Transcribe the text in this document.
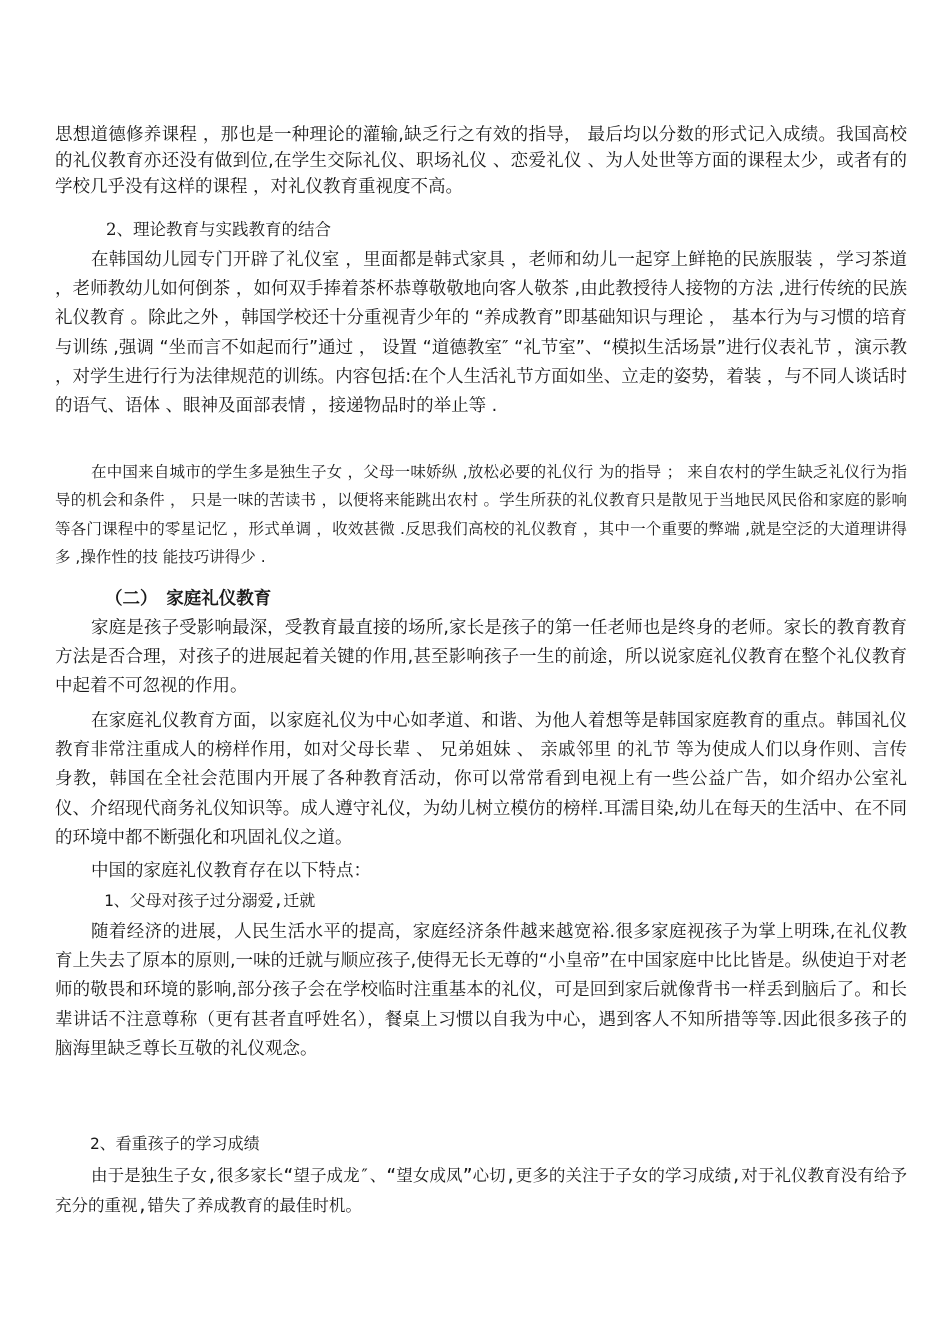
思想道德修养课程 ，那也是一种理论的灌输,缺乏行之有效的指导， 最后均以分数的形式记入成绩。我国高校的礼仪教育亦还没有做到位,在学生交际礼仪、职场礼仪 、恋爱礼仪 、为人处世等方面的课程太少，或者有的学校几乎没有这样的课程 ，对礼仪教育重视度不高。

2、理论教育与实践教育的结合

在韩国幼儿园专门开辟了礼仪室 ，里面都是韩式家具 ，老师和幼儿一起穿上鲜艳的民族服装 ，学习茶道 ，老师教幼儿如何倒茶 ，如何双手捧着茶杯恭尊敬敬地向客人敬茶 ,由此教授待人接物的方法 ,进行传统的民族礼仪教育 。除此之外 ，韩国学校还十分重视青少年的 “养成教育”即基础知识与理论 ， 基本行为与习惯的培育与训练 ,强调 “坐而言不如起而行”通过 ， 设置 “道德教室″ “礼节室”、“模拟生活场景”进行仪表礼节 ，演示教 ，对学生进行行为法律规范的训练。内容包括:在个人生活礼节方面如坐、立走的姿势，着装 ，与不同人谈话时的语气、语体 、眼神及面部表情 ，接递物品时的举止等 .

在中国来自城市的学生多是独生子女 ，父母一味娇纵 ,放松必要的礼仪行 为的指导 ； 来自农村的学生缺乏礼仪行为指导的机会和条件 ， 只是一味的苦读书 ，以便将来能跳出农村 。学生所获的礼仪教育只是散见于当地民风民俗和家庭的影响等各门课程中的零星记忆 ，形式单调 ，收效甚微 .反思我们高校的礼仪教育 ，其中一个重要的弊端 ,就是空泛的大道理讲得多 ,操作性的技 能技巧讲得少 .

（二）　家庭礼仪教育

家庭是孩子受影响最深，受教育最直接的场所,家长是孩子的第一任老师也是终身的老师。家长的教育教育方法是否合理，对孩子的进展起着关键的作用,甚至影响孩子一生的前途，所以说家庭礼仪教育在整个礼仪教育中起着不可忽视的作用。

在家庭礼仪教育方面，以家庭礼仪为中心如孝道、和谐、为他人着想等是韩国家庭教育的重点。韩国礼仪教育非常注重成人的榜样作用，如对父母长辈 、 兄弟姐妹 、 亲戚邻里 的礼节 等为使成人们以身作则、言传身教，韩国在全社会范围内开展了各种教育活动，你可以常常看到电视上有一些公益广告，如介绍办公室礼仪、介绍现代商务礼仪知识等。成人遵守礼仪，为幼儿树立模仿的榜样.耳濡目染,幼儿在每天的生活中、在不同的环境中都不断强化和巩固礼仪之道。

中国的家庭礼仪教育存在以下特点：

1、父母对孩子过分溺爱,迁就

随着经济的进展，人民生活水平的提高，家庭经济条件越来越宽裕.很多家庭视孩子为掌上明珠,在礼仪教育上失去了原本的原则,一味的迁就与顺应孩子,使得无长无尊的“小皇帝”在中国家庭中比比皆是。纵使迫于对老师的敬畏和环境的影响,部分孩子会在学校临时注重基本的礼仪，可是回到家后就像背书一样丢到脑后了。和长辈讲话不注意尊称（更有甚者直呼姓名），餐桌上习惯以自我为中心，遇到客人不知所措等等.因此很多孩子的脑海里缺乏尊长互敬的礼仪观念。

2、看重孩子的学习成绩

由于是独生子女,很多家长“望子成龙″、“望女成凤”心切,更多的关注于子女的学习成绩,对于礼仪教育没有给予充分的重视,错失了养成教育的最佳时机。
